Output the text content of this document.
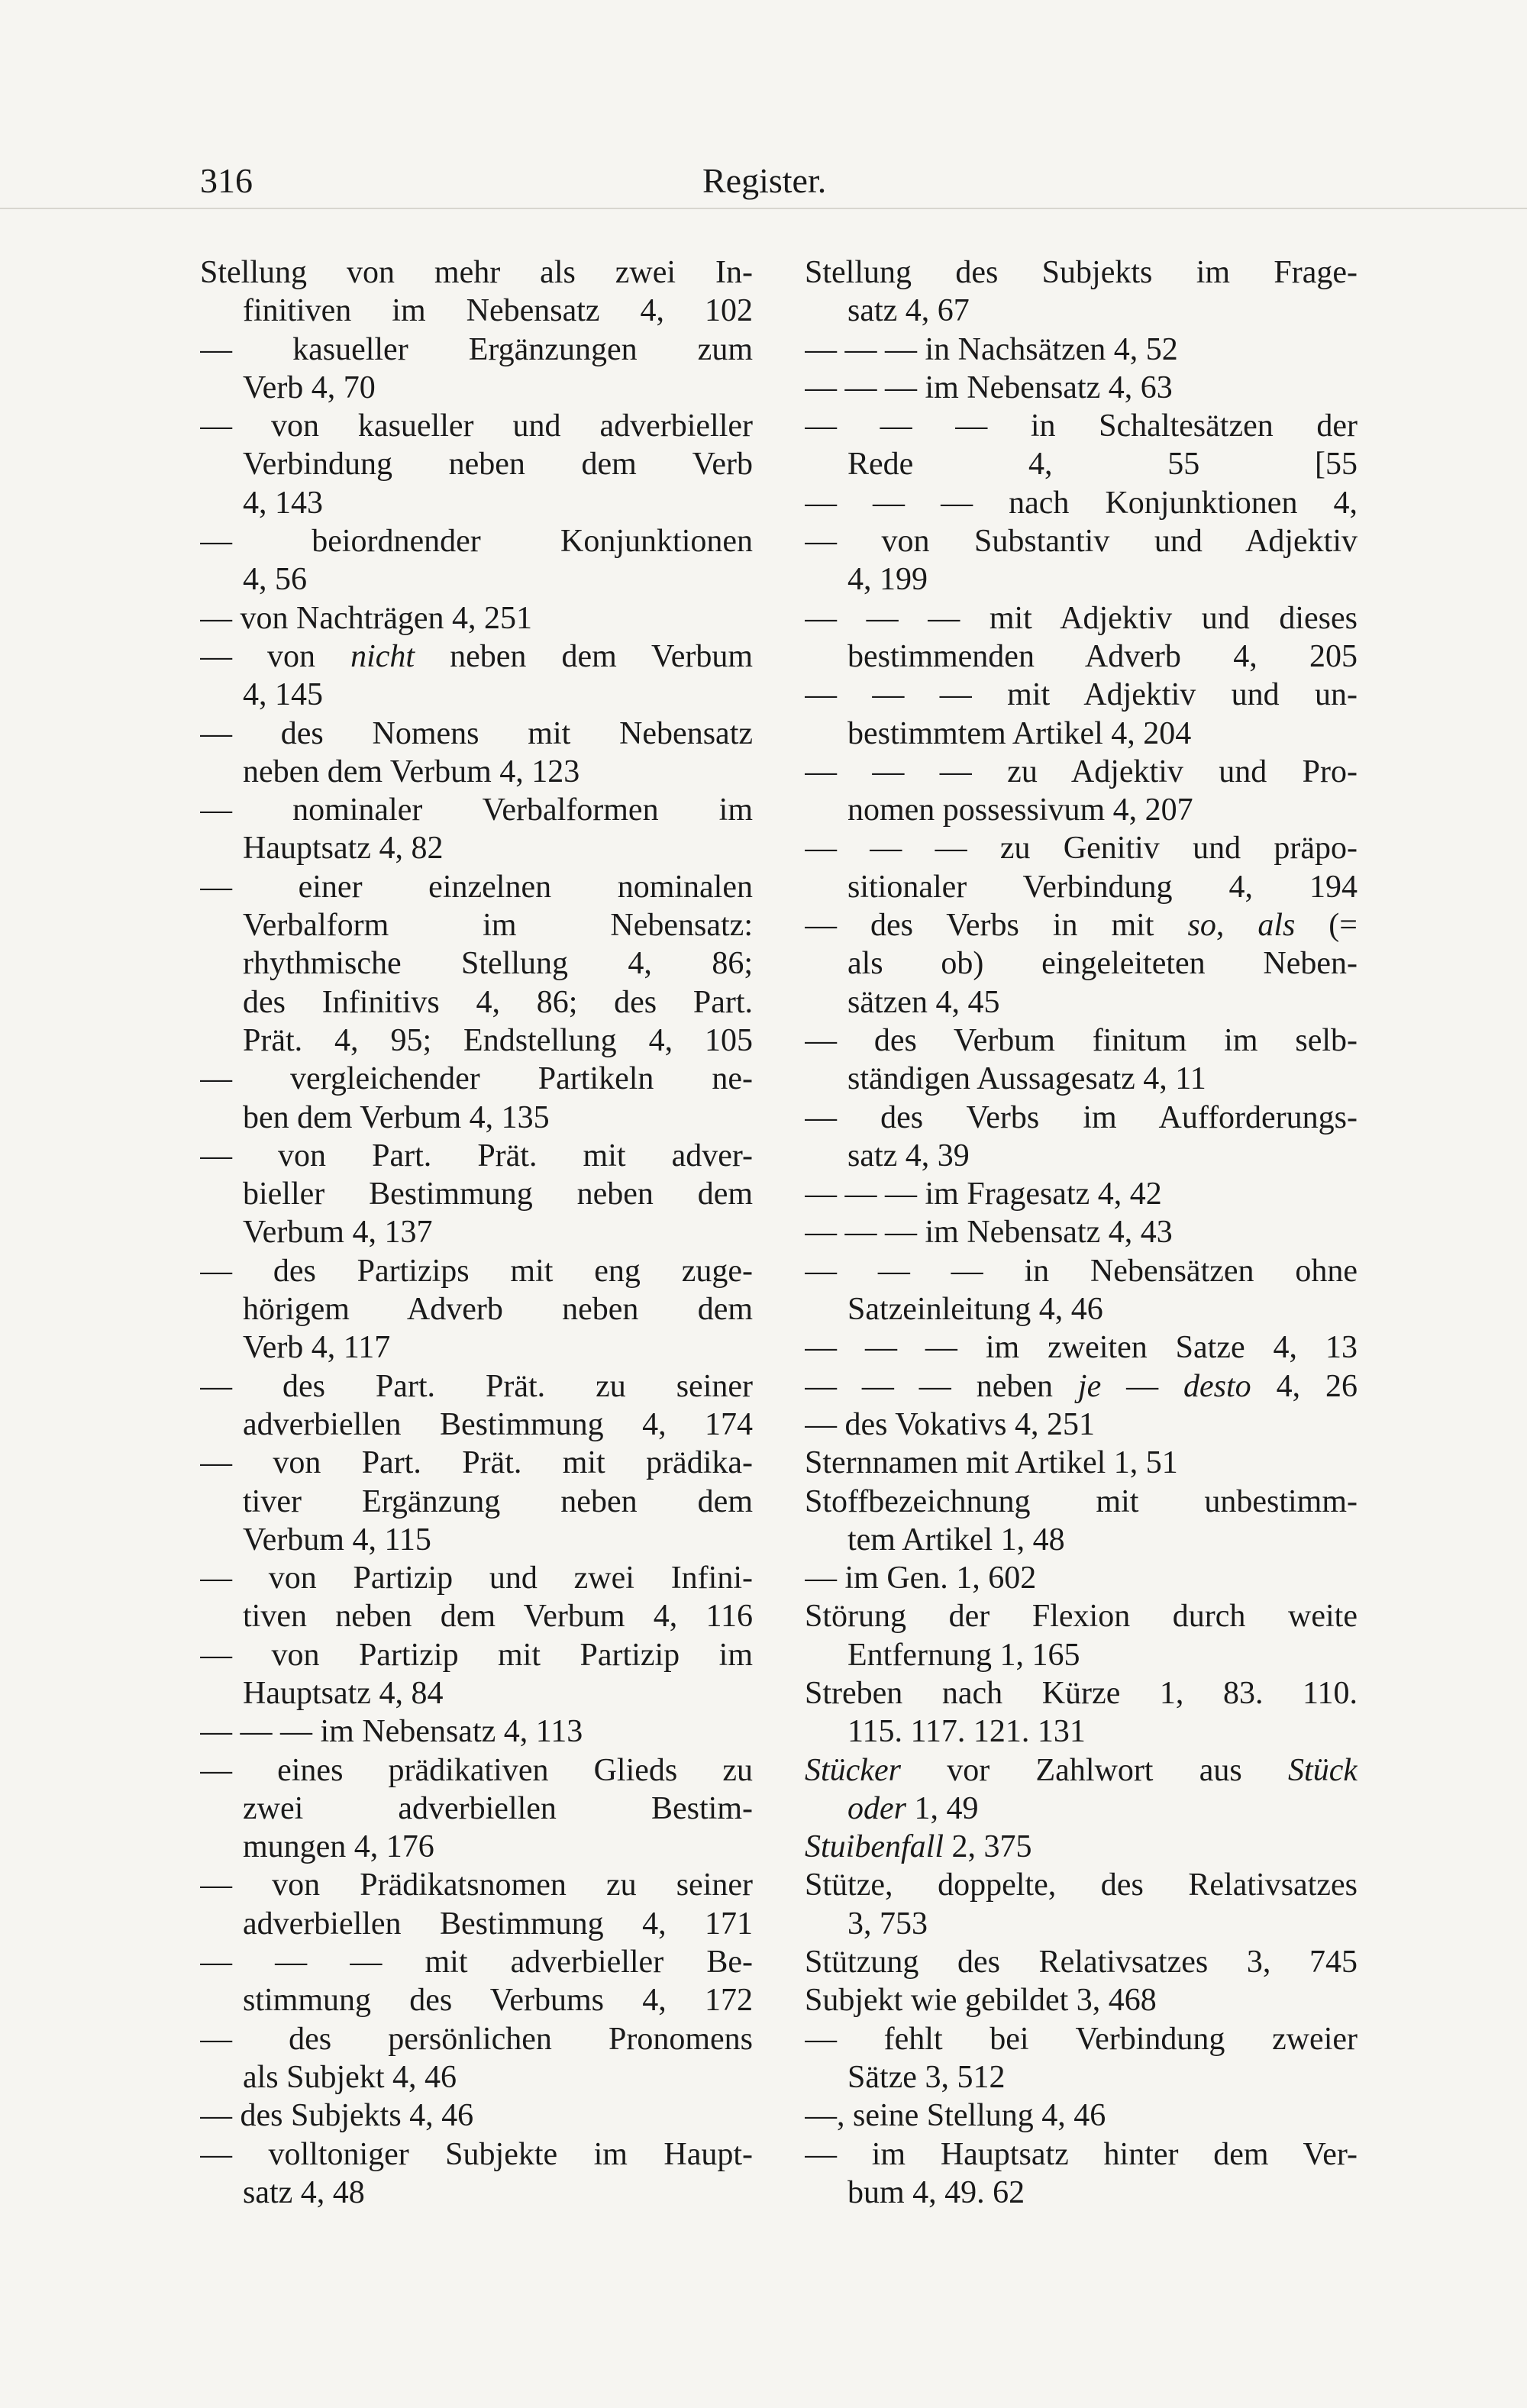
316	Register.
Stellung von mehr als zwei In-
finitiven im Nebensatz 4, 102
— kasueller Ergänzungen zum
Verb 4, 70
— von kasueller und adverbieller
Verbindung neben dem Verb
4, 143
— beiordnender Konjunktionen
4, 56
— von Nachträgen 4, 251
— von nicht neben dem Verbum
4, 145
— des Nomens mit Nebensatz
neben dem Verbum 4, 123
— nominaler Verbalformen im
Hauptsatz 4, 82
— einer einzelnen nominalen
Verbalform im Nebensatz:
rhythmische Stellung 4, 86;
des Infinitivs 4, 86; des Part.
Prät. 4, 95; Endstellung 4, 105
— vergleichender Partikeln ne-
ben dem Verbum 4, 135
— von Part. Prät. mit adver-
bieller Bestimmung neben dem
Verbum 4, 137
— des Partizips mit eng zuge-
hörigem Adverb neben dem
Verb 4, 117
— des Part. Prät. zu seiner
adverbiellen Bestimmung 4, 174
— von Part. Prät. mit prädika-
tiver Ergänzung neben dem
Verbum 4, 115
— von Partizip und zwei Infini-
tiven neben dem Verbum 4, 116
— von Partizip mit Partizip im
Hauptsatz 4, 84
— — — im Nebensatz 4, 113
— eines prädikativen Glieds zu
zwei adverbiellen Bestim-
mungen 4, 176
— von Prädikatsnomen zu seiner
adverbiellen Bestimmung 4, 171
— — — mit adverbieller Be-
stimmung des Verbums 4, 172
— des persönlichen Pronomens
als Subjekt 4, 46
— des Subjekts 4, 46
— volltoniger Subjekte im Haupt-
satz 4, 48
Stellung des Subjekts im Frage-
satz 4, 67
— — — in Nachsätzen 4, 52
— — — im Nebensatz 4, 63
— — — in Schaltesätzen der
Rede 4, 55 [55
— — — nach Konjunktionen 4,
— von Substantiv und Adjektiv
4, 199
— — — mit Adjektiv und dieses
bestimmenden Adverb 4, 205
— — — mit Adjektiv und un-
bestimmtem Artikel 4, 204
— — — zu Adjektiv und Pro-
nomen possessivum 4, 207
— — — zu Genitiv und präpo-
sitionaler Verbindung 4, 194
— des Verbs in mit so, als (=
als ob) eingeleiteten Neben-
sätzen 4, 45
— des Verbum finitum im selb-
ständigen Aussagesatz 4, 11
— des Verbs im Aufforderungs-
satz 4, 39
— — — im Fragesatz 4, 42
— — — im Nebensatz 4, 43
— — — in Nebensätzen ohne
Satzeinleitung 4, 46
— — — im zweiten Satze 4, 13
— — — neben je — desto 4, 26
— des Vokativs 4, 251
Sternnamen mit Artikel 1, 51
Stoffbezeichnung mit unbestimm-
tem Artikel 1, 48
— im Gen. 1, 602
Störung der Flexion durch weite
Entfernung 1, 165
Streben nach Kürze 1, 83. 110.
115. 117. 121. 131
Stücker vor Zahlwort aus Stück
oder 1, 49
Stuibenfall 2, 375
Stütze, doppelte, des Relativsatzes
3, 753
Stützung des Relativsatzes 3, 745
Subjekt wie gebildet 3, 468
— fehlt bei Verbindung zweier
Sätze 3, 512
—, seine Stellung 4, 46
— im Hauptsatz hinter dem Ver-
bum 4, 49. 62
